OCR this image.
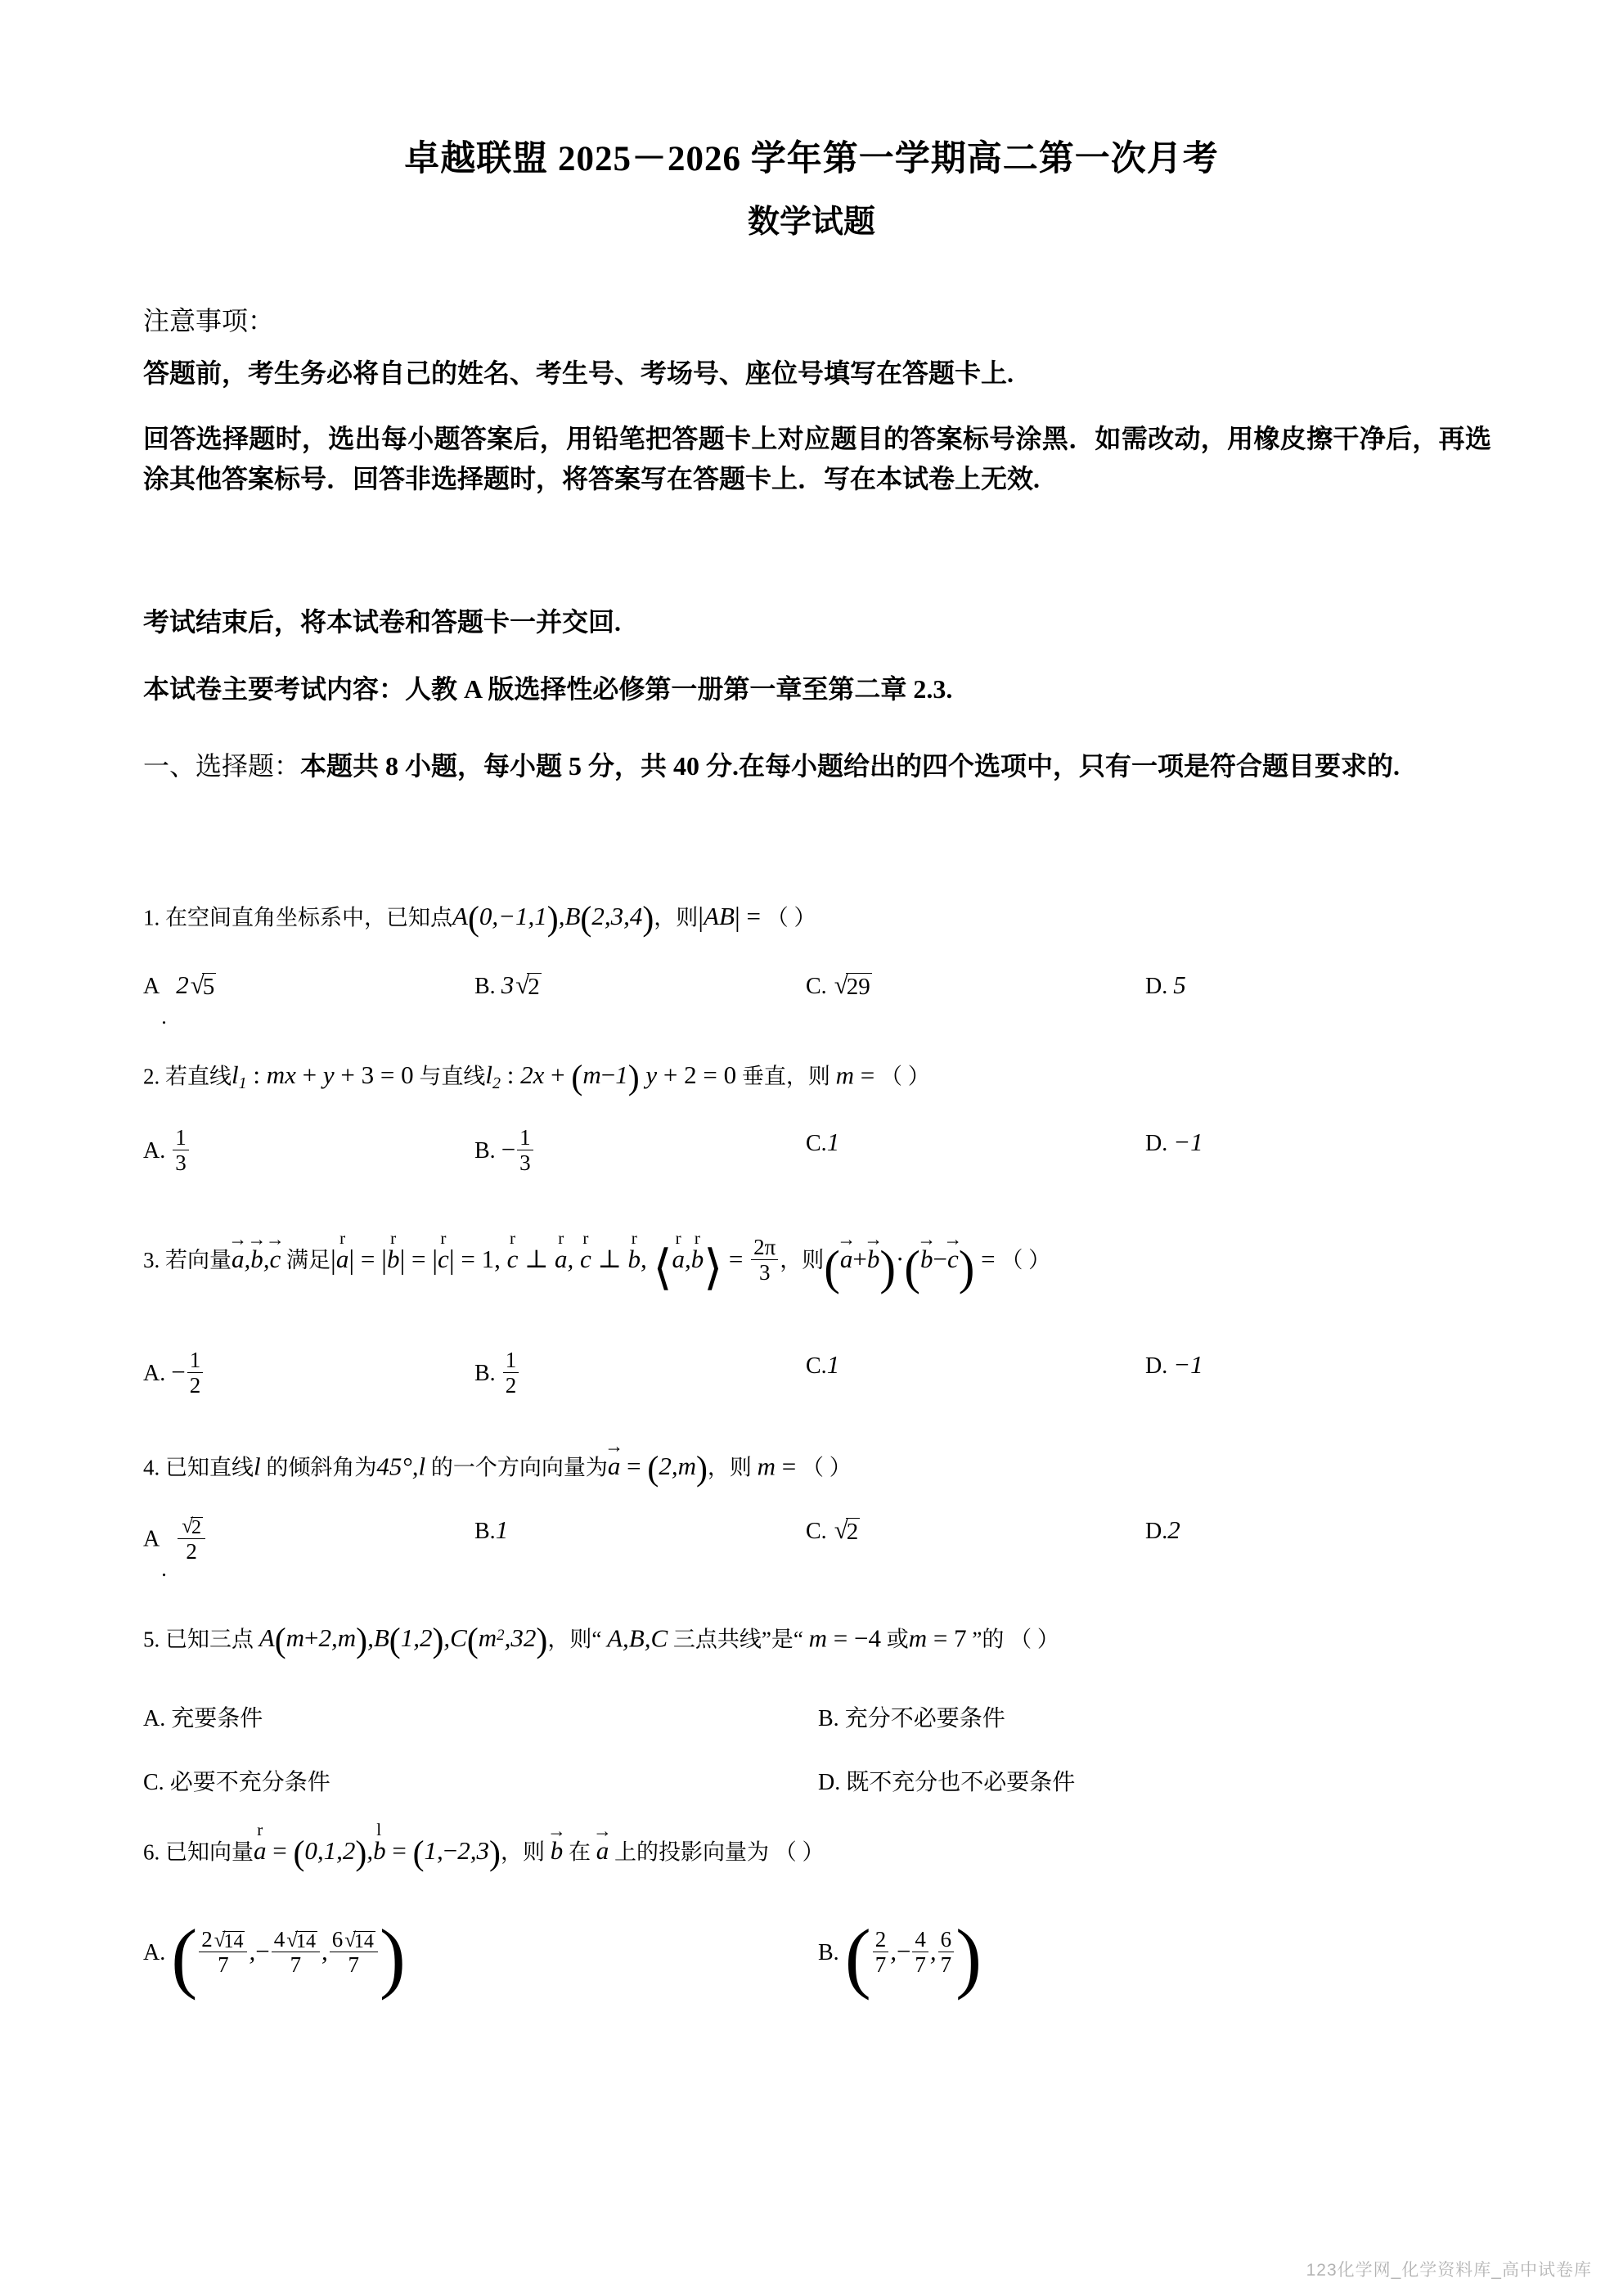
卓越联盟 2025－2026 学年第一学期高二第一次月考
数学试题
注意事项：
答题前，考生务必将自己的姓名、考生号、考场号、座位号填写在答题卡上.
回答选择题时，选出每小题答案后，用铅笔把答题卡上对应题目的答案标号涂黑．如需改动，用橡皮擦干净后，再选涂其他答案标号．回答非选择题时，将答案写在答题卡上．写在本试卷上无效.
考试结束后，将本试卷和答题卡一并交回.
本试卷主要考试内容：人教 A 版选择性必修第一册第一章至第二章 2.3.
一、选择题：本题共 8 小题，每小题 5 分，共 40 分.在每小题给出的四个选项中，只有一项是符合题目要求的.
1. 在空间直角坐标系中，已知点A(0,−1,1),B(2,3,4)，则|AB| = （ ）
A 2√5	B. 3√2	C. √29	D. 5
2. 若直线$l_1$ : mx + y + 3 = 0 与直线$l_2$ : 2x + (m−1) y + 2 = 0 垂直，则 m = （ ）
A. $\frac{1}{3}$	B. − $\frac{1}{3}$	C.1	D. −1
3. 若向量a →,b →,c → 满足|a r| = |b r| = |c r| = 1, c r ⊥ a r, c r ⊥ b r, ⟨a r,b r⟩ = $\frac{2\pi}{3}$ ，则(a →+b →)·(b →−c →) = （ ）
A. − $\frac{1}{2}$	B. $\frac{1}{2}$	C.1	D. −1
4. 已知直线l 的倾斜角为45°,l 的一个方向向量为a → = (2,m)，则 m = （ ）
A $\frac{√2}{2}$	B.1	C. √2	D.2
5. 已知三点 $A(m+2,m),B(1,2),C(m^2,32)$，则“ A,B,C 三点共线”是“ m = −4 或m = 7 ”的 （ ）
A. 充要条件	B. 充分不必要条件
C. 必要不充分条件	D. 既不充分也不必要条件
6. 已知向量a r = (0,1,2),b l = (1,−2,3)，则 b → 在 a → 上的投影向量为 （ ）
A. ( $\frac{2√14}{7}$ ,− $\frac{4√14}{7}$ , $\frac{6√14}{7}$ )	B. ( $\frac{2}{7}$ ,− $\frac{4}{7}$ , $\frac{6}{7}$ )
123化学网_化学资料库_高中试卷库
